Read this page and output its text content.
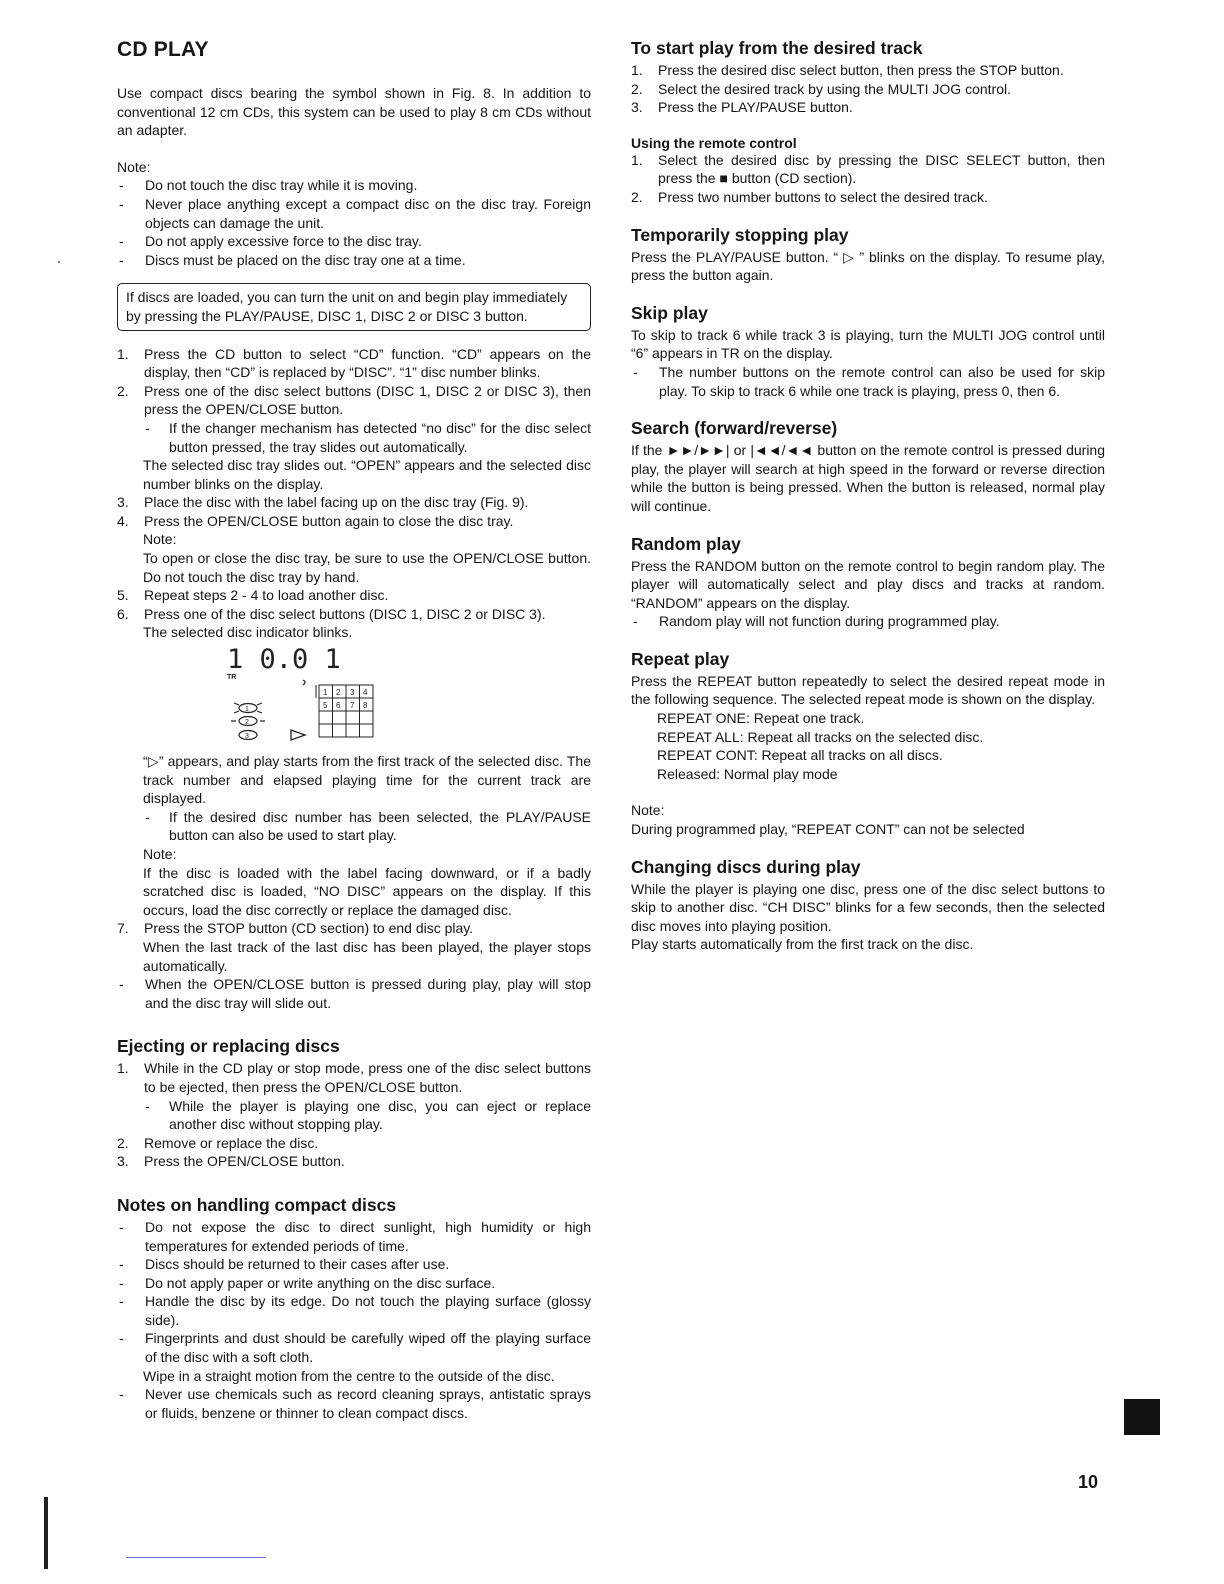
CD PLAY

Use compact discs bearing the symbol shown in Fig. 8. In addition to conventional 12 cm CDs, this system can be used to play 8 cm CDs without an adapter.

Note:

- Do not touch the disc tray while it is moving.

- Never place anything except a compact disc on the disc tray. Foreign objects can damage the unit.

- Do not apply excessive force to the disc tray.

- Discs must be placed on the disc tray one at a time.

If discs are loaded, you can turn the unit on and begin play immediately by pressing the PLAY/PAUSE, DISC 1, DISC 2 or DISC 3 button.

1. Press the CD button to select “CD” function. “CD” appears on the display, then “CD” is replaced by “DISC”. “1” disc number blinks.

2. Press one of the disc select buttons (DISC 1, DISC 2 or DISC 3), then press the OPEN/CLOSE button.

- If the changer mechanism has detected “no disc” for the disc select button pressed, the tray slides out automatically.

The selected disc tray slides out. “OPEN” appears and the selected disc number blinks on the display.

3. Place the disc with the label facing up on the disc tray (Fig. 9).

4. Press the OPEN/CLOSE button again to close the disc tray.

Note:

To open or close the disc tray, be sure to use the OPEN/CLOSE button. Do not touch the disc tray by hand.

5. Repeat steps 2 - 4 to load another disc.

6. Press one of the disc select buttons (DISC 1, DISC 2 or DISC 3).

The selected disc indicator blinks.

1 0.0 1
TR
1
2
3
1 2 3 4
5 6 7 8

“▷” appears, and play starts from the first track of the selected disc. The track number and elapsed playing time for the current track are displayed.

- If the desired disc number has been selected, the PLAY/PAUSE button can also be used to start play.

Note:

If the disc is loaded with the label facing downward, or if a badly scratched disc is loaded, “NO DISC” appears on the display. If this occurs, load the disc correctly or replace the damaged disc.

7. Press the STOP button (CD section) to end disc play.

When the last track of the last disc has been played, the player stops automatically.

- When the OPEN/CLOSE button is pressed during play, play will stop and the disc tray will slide out.

Ejecting or replacing discs

1. While in the CD play or stop mode, press one of the disc select buttons to be ejected, then press the OPEN/CLOSE button.

- While the player is playing one disc, you can eject or replace another disc without stopping play.

2. Remove or replace the disc.

3. Press the OPEN/CLOSE button.

Notes on handling compact discs

- Do not expose the disc to direct sunlight, high humidity or high temperatures for extended periods of time.

- Discs should be returned to their cases after use.

- Do not apply paper or write anything on the disc surface.

- Handle the disc by its edge. Do not touch the playing surface (glossy side).

- Fingerprints and dust should be carefully wiped off the playing surface of the disc with a soft cloth.

Wipe in a straight motion from the centre to the outside of the disc.

- Never use chemicals such as record cleaning sprays, antistatic sprays or fluids, benzene or thinner to clean compact discs.

To start play from the desired track

1. Press the desired disc select button, then press the STOP button.

2. Select the desired track by using the MULTI JOG control.

3. Press the PLAY/PAUSE button.

Using the remote control

1. Select the desired disc by pressing the DISC SELECT button, then press the ■ button (CD section).

2. Press two number buttons to select the desired track.

Temporarily stopping play

Press the PLAY/PAUSE button. “ ▷ ” blinks on the display. To resume play, press the button again.

Skip play

To skip to track 6 while track 3 is playing, turn the MULTI JOG control until “6” appears in TR on the display.

- The number buttons on the remote control can also be used for skip play. To skip to track 6 while one track is playing, press 0, then 6.

Search (forward/reverse)

If the ►►/►►| or |◄◄/◄◄ button on the remote control is pressed during play, the player will search at high speed in the forward or reverse direction while the button is being pressed. When the button is released, normal play will continue.

Random play

Press the RANDOM button on the remote control to begin random play. The player will automatically select and play discs and tracks at random. “RANDOM” appears on the display.

- Random play will not function during programmed play.

Repeat play

Press the REPEAT button repeatedly to select the desired repeat mode in the following sequence. The selected repeat mode is shown on the display.

REPEAT ONE: Repeat one track.

REPEAT ALL: Repeat all tracks on the selected disc.

REPEAT CONT: Repeat all tracks on all discs.

Released: Normal play mode

Note:

During programmed play, “REPEAT CONT” can not be selected

Changing discs during play

While the player is playing one disc, press one of the disc select buttons to skip to another disc. “CH DISC” blinks for a few seconds, then the selected disc moves into playing position.

Play starts automatically from the first track on the disc.

10
